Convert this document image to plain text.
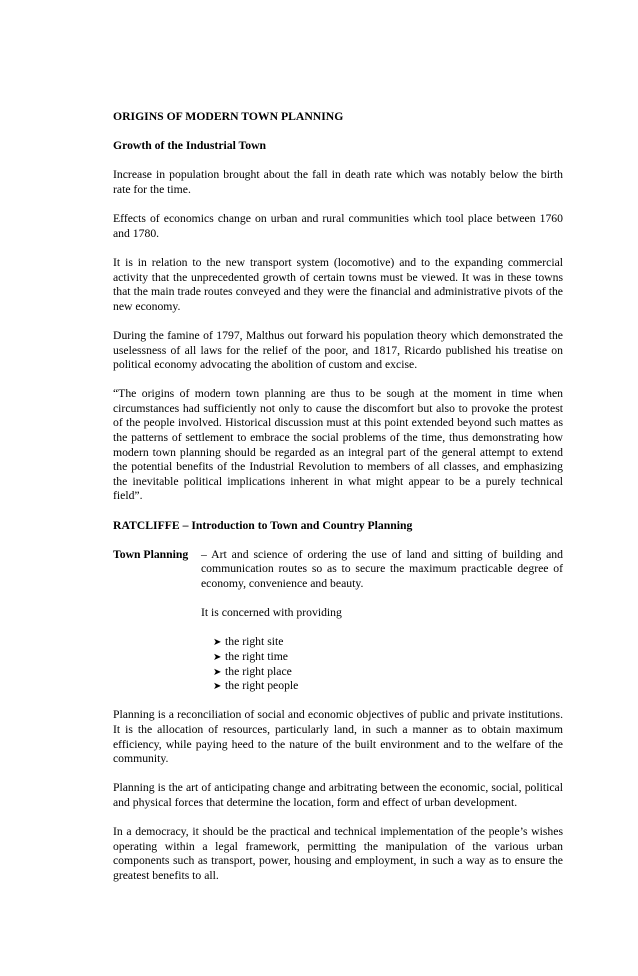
ORIGINS OF MODERN TOWN PLANNING
Growth of the Industrial Town

Increase in population brought about the fall in death rate which was notably below the birth rate for the time.

Effects of economics change on urban and rural communities which tool place between 1760 and 1780.

It is in relation to the new transport system (locomotive) and to the expanding commercial activity that the unprecedented growth of certain towns must be viewed. It was in these towns that the main trade routes conveyed and they were the financial and administrative pivots of the new economy.

During the famine of 1797, Malthus out forward his population theory which demonstrated the uselessness of all laws for the relief of the poor, and 1817, Ricardo published his treatise on political economy advocating the abolition of custom and excise.

“The origins of modern town planning are thus to be sough at the moment in time when circumstances had sufficiently not only to cause the discomfort but also to provoke the protest of the people involved. Historical discussion must at this point extended beyond such mattes as the patterns of settlement to embrace the social problems of the time, thus demonstrating how modern town planning should be regarded as an integral part of the general attempt to extend the potential benefits of the Industrial Revolution to members of all classes, and emphasizing the inevitable political implications inherent in what might appear to be a purely technical field”.

RATCLIFFE – Introduction to Town and Country Planning
Town Planning	– Art and science of ordering the use of land and sitting of building and communication routes so as to secure the maximum practicable degree of economy, convenience and beauty.

It is concerned with providing

➤ the right site
➤ the right time
➤ the right place
➤ the right people

Planning is a reconciliation of social and economic objectives of public and private institutions. It is the allocation of resources, particularly land, in such a manner as to obtain maximum efficiency, while paying heed to the nature of the built environment and to the welfare of the community.

Planning is the art of anticipating change and arbitrating between the economic, social, political and physical forces that determine the location, form and effect of urban development.

In a democracy, it should be the practical and technical implementation of the people’s wishes operating within a legal framework, permitting the manipulation of the various urban components such as transport, power, housing and employment, in such a way as to ensure the greatest benefits to all.
